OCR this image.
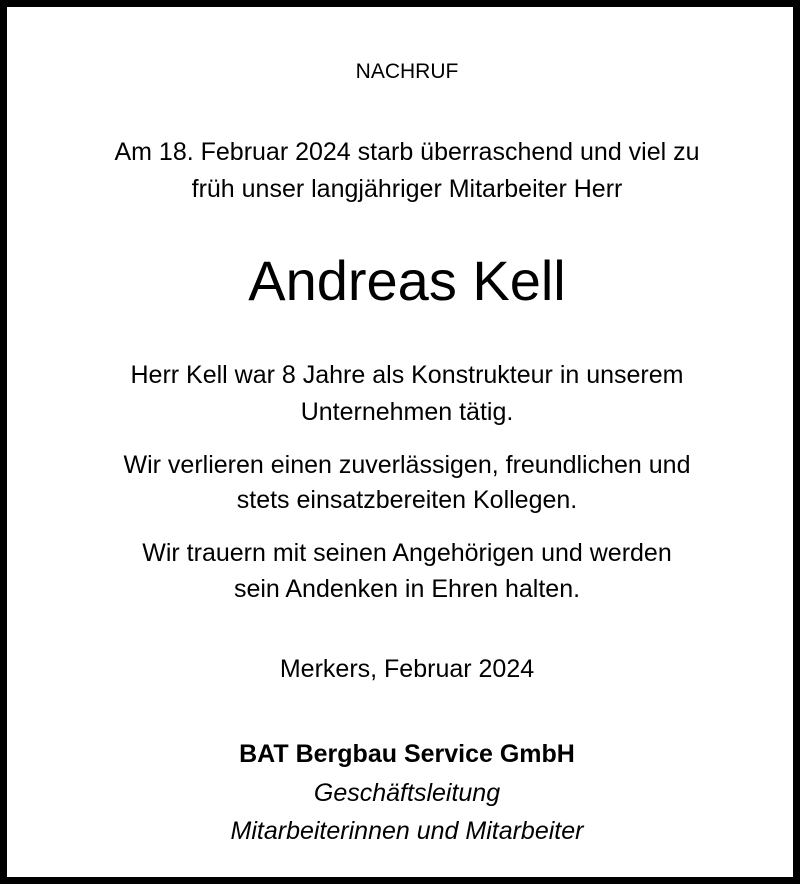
NACHRUF
Am 18. Februar 2024 starb überraschend und viel zu
früh unser langjähriger Mitarbeiter Herr
Andreas Kell
Herr Kell war 8 Jahre als Konstrukteur in unserem
Unternehmen tätig.
Wir verlieren einen zuverlässigen, freundlichen und
stets einsatzbereiten Kollegen.
Wir trauern mit seinen Angehörigen und werden
sein Andenken in Ehren halten.
Merkers, Februar 2024
BAT Bergbau Service GmbH
Geschäftsleitung
Mitarbeiterinnen und Mitarbeiter
